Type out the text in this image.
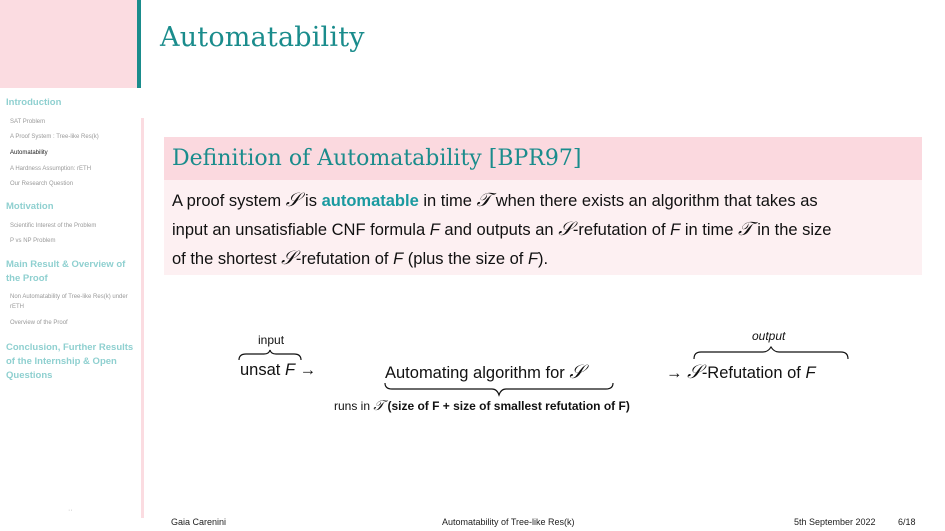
Introduction
SAT Problem
A Proof System : Tree-like Res(k)
Automatability
A Hardness Assumption: rETH
Our Research Question
Motivation
Scientific Interest of the Problem
P vs NP Problem
Main Result & Overview of the Proof
Non Automatability of Tree-like Res(k) under rETH
Overview of the Proof
Conclusion, Further Results of the Internship & Open Questions
··
Automatability
Definition of Automatability [BPR97]
A proof system 𝒮 is automatable in time 𝒯 when there exists an algorithm that takes as
input an unsatisfiable CNF formula F and outputs an 𝒮-refutation of F in time 𝒯 in the size
of the shortest 𝒮-refutation of F (plus the size of F).
input
unsat F →	Automating algorithm for 𝒮
runs in 𝒯 (size of F + size of smallest refutation of F)
output
→ 𝒮-Refutation of F
Gaia Carenini	Automatability of Tree-like Res(k)	5th September 2022 6/18
